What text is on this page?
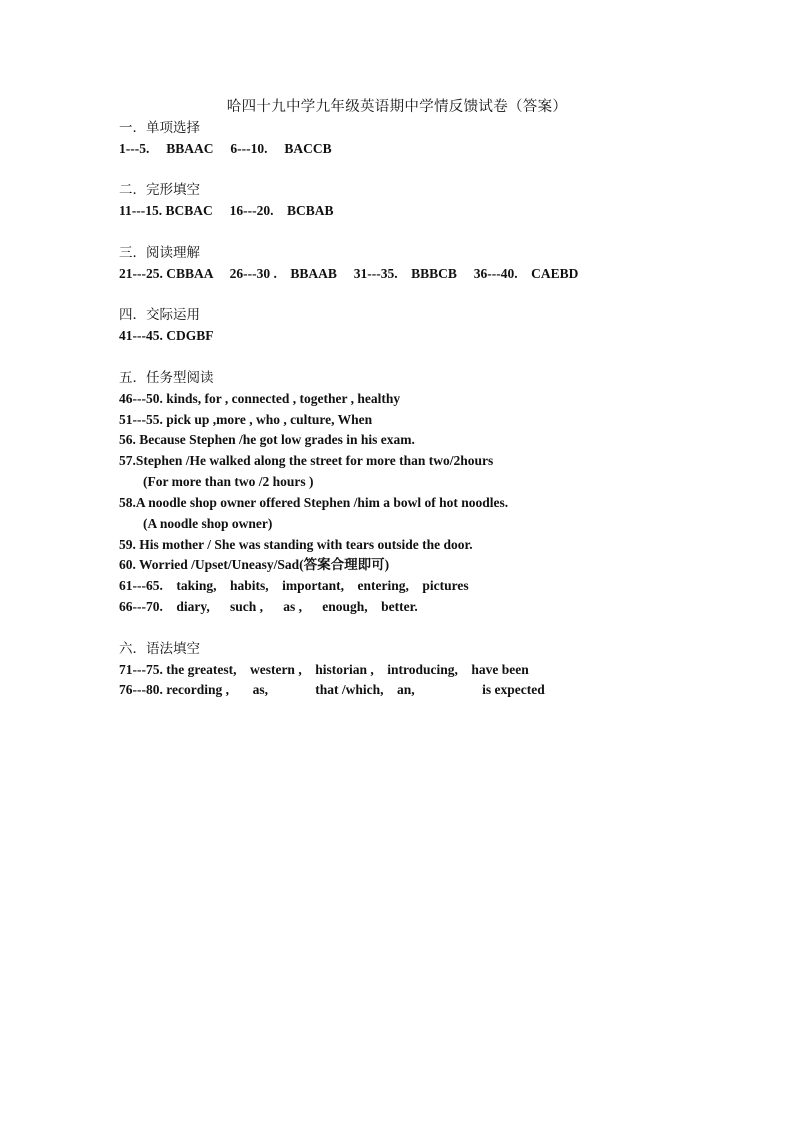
哈四十九中学九年级英语期中学情反馈试卷（答案）
一．单项选择
1---5.     BBAAC     6---10.     BACCB
二．完形填空
11---15. BCBAC     16---20.    BCBAB
三．阅读理解
21---25. CBBAA     26---30 .    BBAAB     31---35.    BBBCB     36---40.    CAEBD
四．交际运用
41---45. CDGBF
五．任务型阅读
46---50. kinds, for , connected , together , healthy
51---55. pick up ,more , who , culture, When
56. Because Stephen /he got low grades in his exam.
57.Stephen /He walked along the street for more than two/2hours
(For more than two /2 hours )
58.A noodle shop owner offered Stephen /him a bowl of hot noodles.
(A noodle shop owner)
59. His mother / She was standing with tears outside the door.
60. Worried /Upset/Uneasy/Sad(答案合理即可)
61---65.    taking,    habits,    important,    entering,    pictures
66---70.    diary,      such ,      as ,      enough,    better.
六．语法填空
71---75. the greatest,    western ,    historian ,    introducing,    have been
76---80. recording ,       as,              that /which,    an,                    is expected
